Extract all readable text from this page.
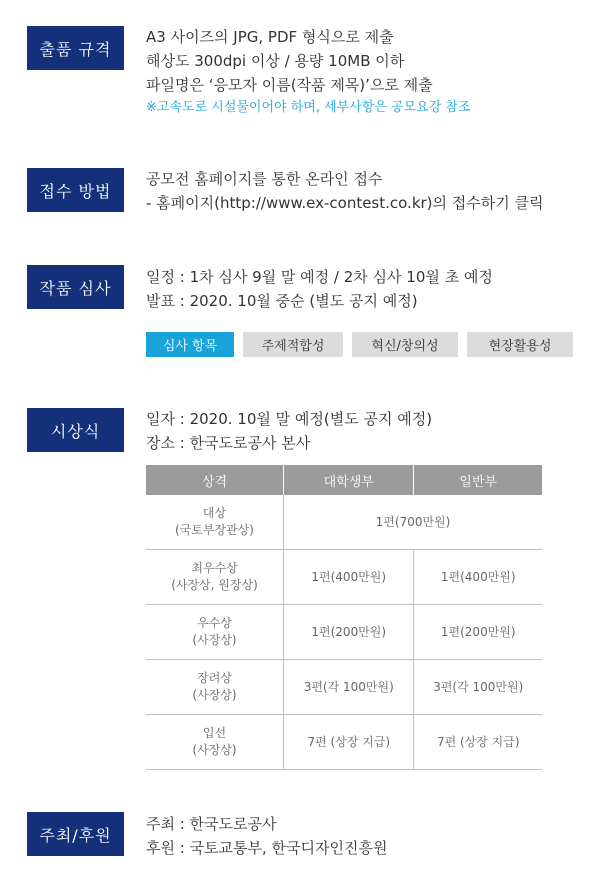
출품 규격
A3 사이즈의 JPG, PDF 형식으로 제출
해상도 300dpi 이상 / 용량 10MB 이하
파일명은 ‘응모자 이름(작품 제목)’으로 제출
※고속도로 시설물이어야 하며, 세부사항은 공모요강 참조
접수 방법
공모전 홈페이지를 통한 온라인 접수
- 홈페이지(http://www.ex-contest.co.kr)의 접수하기 클릭
작품 심사
일정 : 1차 심사 9월 말 예정 / 2차 심사 10월 초 예정
발표 : 2020. 10월 중순 (별도 공지 예정)
심사 항목	주제적합성	혁신/창의성	현장활용성
시상식
일자 : 2020. 10월 말 예정(별도 공지 예정)
장소 : 한국도로공사 본사
상격	대학생부	일반부

대상
(국토부장관상)	1편(700만원)	

최우수상
(사장상, 원장상)	1편(400만원)	1편(400만원)

우수상
(사장상)	1편(200만원)	1편(200만원)

장려상
(사장상)	3편(각 100만원)	3편(각 100만원)

입선
(사장상)	7편 (상장 지급)	7편 (상장 지급)
주최/후원
주최 : 한국도로공사
후원 : 국토교통부, 한국디자인진흥원
